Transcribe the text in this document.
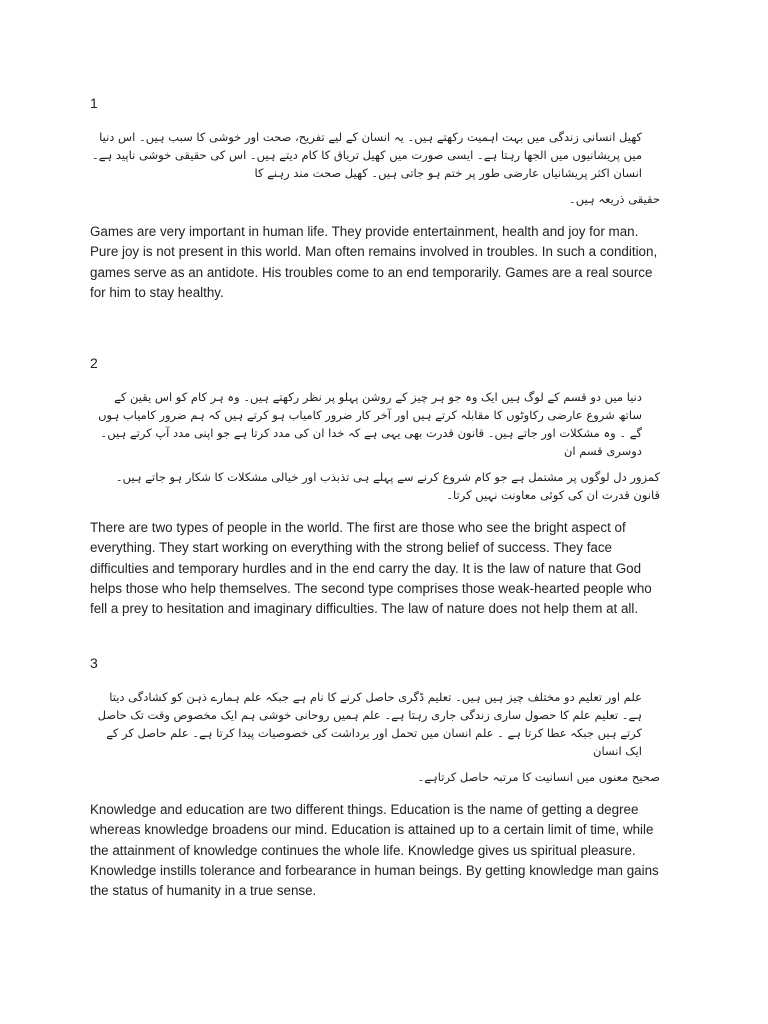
1

کھیل انسانی زندگی میں بہت اہمیت رکھتے ہیں۔ یہ انسان کے لیے تفریح، صحت اور خوشی کا سبب ہیں۔ اس دنیا میں پریشانیوں میں الجھا رہتا ہے۔ ایسی صورت میں کھیل تریاق کا کام دیتے ہیں۔ اس کی حقیقی خوشی ناپید ہے۔انسان اکثر پریشانیاں عارضی طور پر ختم ہو جاتی ہیں۔ کھیل صحت مند رہنے کا

حقیقی ذریعہ ہیں۔

Games are very important in human life. They provide entertainment, health and joy for man. Pure joy is not present in this world. Man often remains involved in troubles. In such a condition, games serve as an antidote. His troubles come to an end temporarily. Games are a real source for him to stay healthy.

2

دنیا میں دو قسم کے لوگ ہیں ایک وہ جو ہر چیز کے روشن پہلو پر نظر رکھتے ہیں۔ وہ ہر کام کو اس یقین کے ساتھ شروع عارضی رکاوٹوں کا مقابلہ کرتے ہیں اور آخر کار ضرور کامیاب ہو کرتے ہیں کہ ہم ضرور کامیاب ہوں گے ۔ وہ مشکلات اور جاتے ہیں۔ قانون قدرت بھی یہی ہے کہ خدا ان کی مدد کرتا ہے جو اپنی مدد آپ کرتے ہیں۔ دوسری قسم ان

کمزور دل لوگوں پر مشتمل ہے جو کام شروع کرنے سے پہلے ہی تذبذب اور خیالی مشکلات کا شکار ہو جاتے ہیں۔ قانون قدرت ان کی کوئی معاونت نہیں کرتا۔

There are two types of people in the world. The first are those who see the bright aspect of everything. They start working on everything with the strong belief of success. They face difficulties and temporary hurdles and in the end carry the day. It is the law of nature that God helps those who help themselves. The second type comprises those weak-hearted people who fell a prey to hesitation and imaginary difficulties. The law of nature does not help them at all.

3

علم اور تعلیم دو مختلف چیز ہیں ہیں۔ تعلیم ڈگری حاصل کرنے کا نام ہے جبکہ علم ہمارے ذہن کو کشادگی دیتا ہے۔ تعلیم علم کا حصول ساری زندگی جاری رہتا ہے۔ علم ہمیں روحانی خوشی ہم ایک مخصوص وقت تک حاصل کرتے ہیں جبکہ عطا کرتا ہے ۔ علم انسان میں تحمل اور برداشت کی خصوصیات پیدا کرتا ہے۔ علم حاصل کر کے ایک انسان

صحیح معنوں میں انسانیت کا مرتبہ حاصل کرتاہے۔

Knowledge and education are two different things. Education is the name of getting a degree whereas knowledge broadens our mind. Education is attained up to a certain limit of time, while the attainment of knowledge continues the whole life. Knowledge gives us spiritual pleasure. Knowledge instills tolerance and forbearance in human beings. By getting knowledge man gains the status of humanity in a true sense.
